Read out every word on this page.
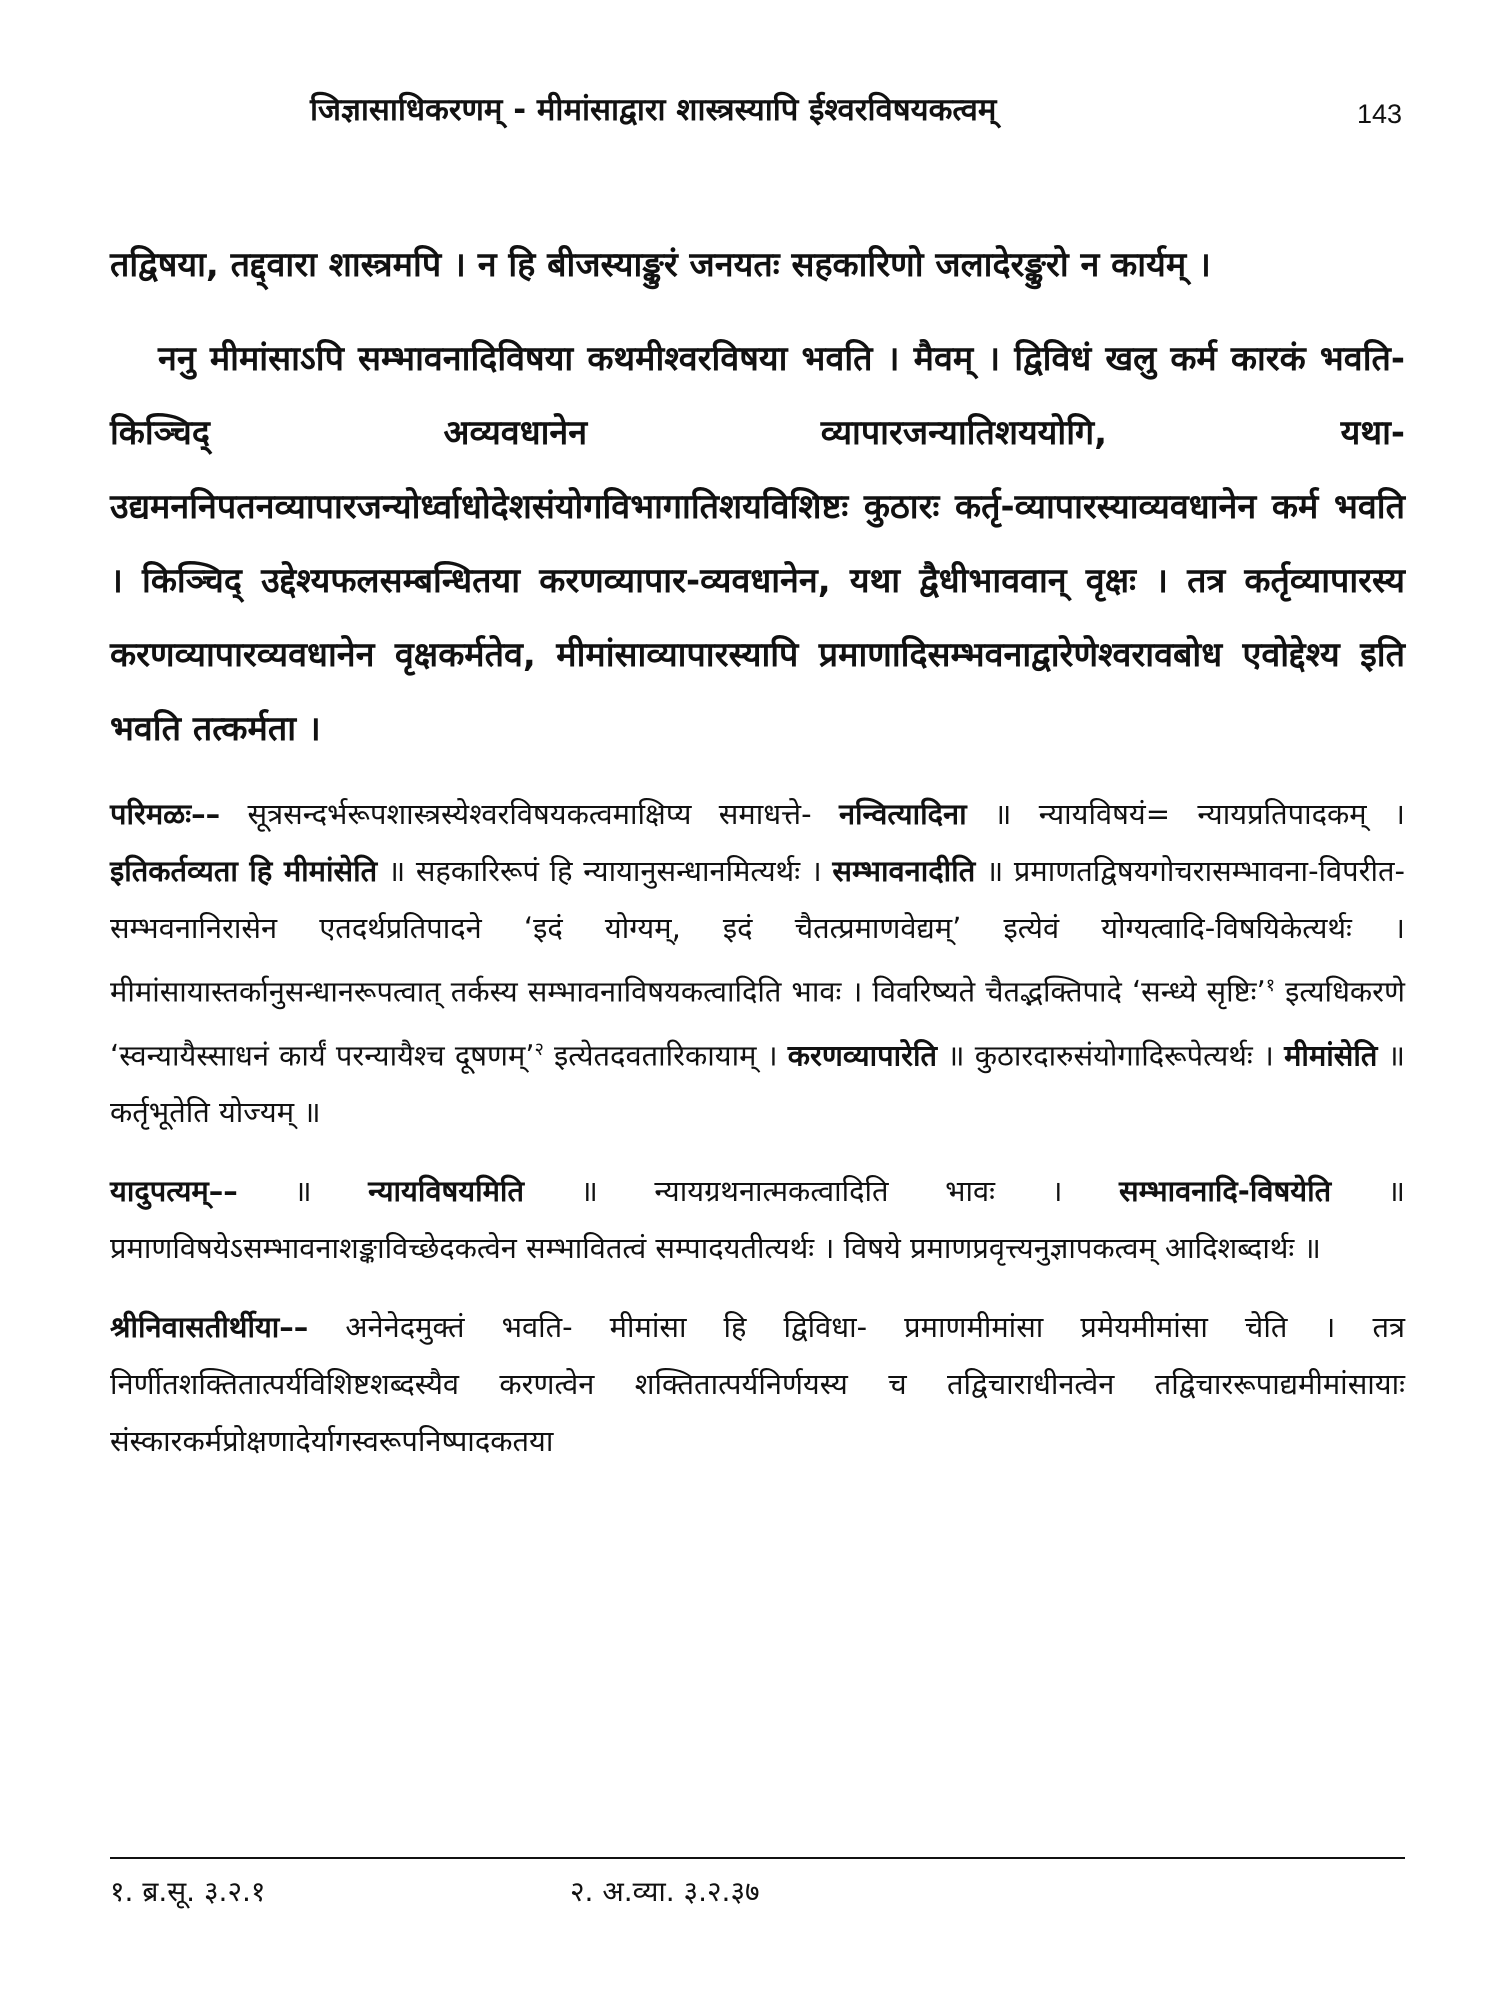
जिज्ञासाधिकरणम् - मीमांसाद्वारा शास्त्रस्यापि ईश्वरविषयकत्वम्	143

तद्विषया, तद्द्वारा शास्त्रमपि । न हि बीजस्याङ्कुरं जनयतः सहकारिणो जलादेरङ्कुरो न कार्यम् ।

ननु मीमांसाऽपि सम्भावनादिविषया कथमीश्वरविषया भवति । मैवम् । द्विविधं खलु कर्म कारकं भवति- किञ्चिद् अव्यवधानेन व्यापारजन्यातिशययोगि, यथा-उद्यमननिपतनव्यापारजन्योर्ध्वाधोदेशसंयोगविभागातिशयविशिष्टः कुठारः कर्तृ-व्यापारस्याव्यवधानेन कर्म भवति । किञ्चिद् उद्देश्यफलसम्बन्धितया करणव्यापार-व्यवधानेन, यथा द्वैधीभाववान् वृक्षः । तत्र कर्तृव्यापारस्य करणव्यापारव्यवधानेन वृक्षकर्मतेव, मीमांसाव्यापारस्यापि प्रमाणादिसम्भवनाद्वारेणेश्वरावबोध एवोद्देश्य इति भवति तत्कर्मता ।

परिमळः–– सूत्रसन्दर्भरूपशास्त्रस्येश्वरविषयकत्वमाक्षिप्य समाधत्ते- नन्वित्यादिना ॥ न्यायविषयं= न्यायप्रतिपादकम् । इतिकर्तव्यता हि मीमांसेति ॥ सहकारिरूपं हि न्यायानुसन्धानमित्यर्थः । सम्भावनादीति ॥ प्रमाणतद्विषयगोचरासम्भावना-विपरीत-सम्भवनानिरासेन एतदर्थप्रतिपादने ‘इदं योग्यम्, इदं चैतत्प्रमाणवेद्यम्’ इत्येवं योग्यत्वादि-विषयिकेत्यर्थः । मीमांसायास्तर्कानुसन्धानरूपत्वात् तर्कस्य सम्भावनाविषयकत्वादिति भावः । विवरिष्यते चैतद्भक्तिपादे ‘सन्ध्ये सृष्टिः’$^१$ इत्यधिकरणे ‘स्वन्यायैस्साधनं कार्यं परन्यायैश्च दूषणम्’$^२$ इत्येतदवतारिकायाम् । करणव्यापारेति ॥ कुठारदारुसंयोगादिरूपेत्यर्थः । मीमांसेति ॥ कर्तृभूतेति योज्यम् ॥

यादुपत्यम्–– ॥ न्यायविषयमिति ॥ न्यायग्रथनात्मकत्वादिति भावः । सम्भावनादि-विषयेति ॥ प्रमाणविषयेऽसम्भावनाशङ्काविच्छेदकत्वेन सम्भावितत्वं सम्पादयतीत्यर्थः । विषये प्रमाणप्रवृत्त्यनुज्ञापकत्वम् आदिशब्दार्थः ॥

श्रीनिवासतीर्थीया–– अनेनेदमुक्तं भवति- मीमांसा हि द्विविधा- प्रमाणमीमांसा प्रमेयमीमांसा चेति । तत्र निर्णीतशक्तितात्पर्यविशिष्टशब्दस्यैव करणत्वेन शक्तितात्पर्यनिर्णयस्य च तद्विचाराधीनत्वेन तद्विचाररूपाद्यमीमांसायाः संस्कारकर्मप्रोक्षणादेर्यागस्वरूपनिष्पादकतया

१. ब्र.सू. ३.२.१	२. अ.व्या. ३.२.३७
